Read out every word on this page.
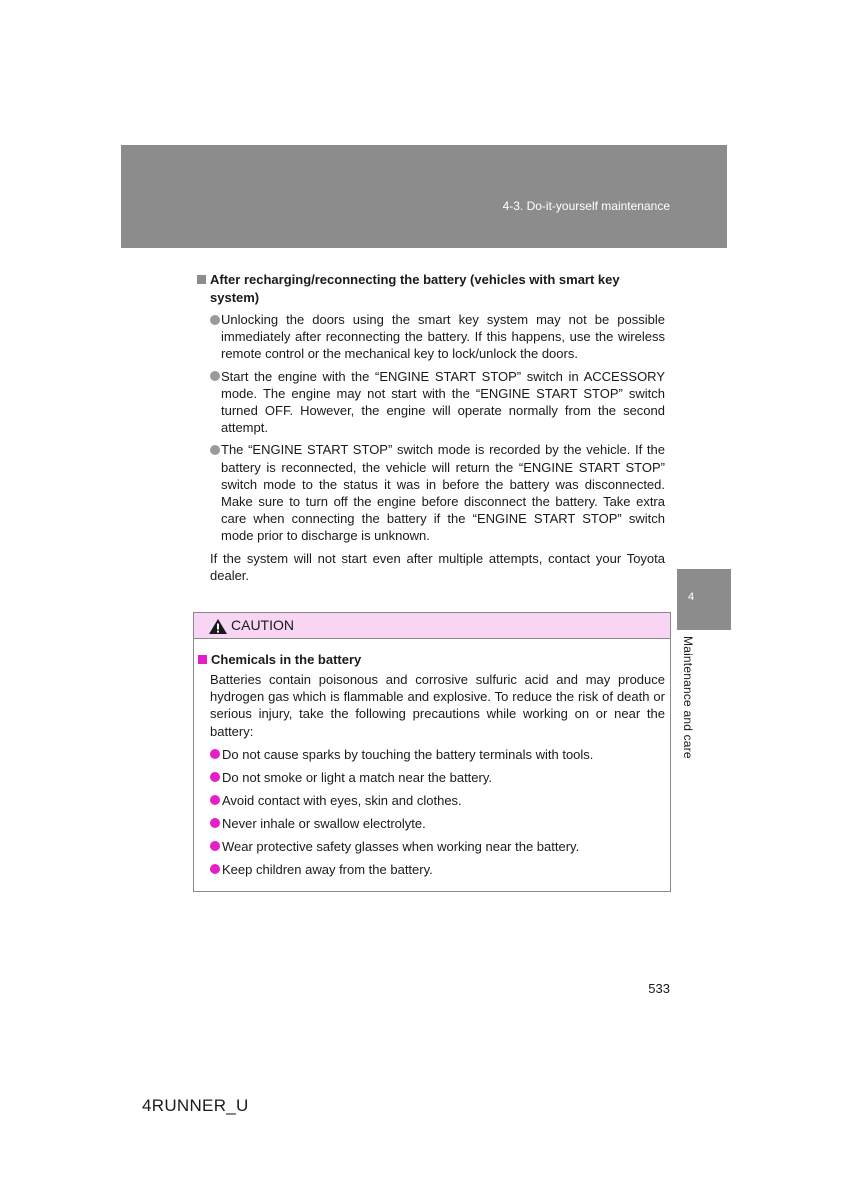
4-3. Do-it-yourself maintenance
4
Maintenance and care

After recharging/reconnecting the battery (vehicles with smart key system)

Unlocking the doors using the smart key system may not be possible immediately after reconnecting the battery. If this happens, use the wireless remote control or the mechanical key to lock/unlock the doors.
Start the engine with the “ENGINE START STOP” switch in ACCESSORY mode. The engine may not start with the “ENGINE START STOP” switch turned OFF. However, the engine will operate normally from the second attempt.
The “ENGINE START STOP” switch mode is recorded by the vehicle. If the battery is reconnected, the vehicle will return the “ENGINE START STOP” switch mode to the status it was in before the battery was disconnected. Make sure to turn off the engine before disconnect the battery. Take extra care when connecting the battery if the “ENGINE START STOP” switch mode prior to discharge is unknown.

If the system will not start even after multiple attempts, contact your Toyota dealer.

CAUTION

Chemicals in the battery

Batteries contain poisonous and corrosive sulfuric acid and may produce hydrogen gas which is flammable and explosive. To reduce the risk of death or serious injury, take the following precautions while working on or near the battery:

Do not cause sparks by touching the battery terminals with tools.
Do not smoke or light a match near the battery.
Avoid contact with eyes, skin and clothes.
Never inhale or swallow electrolyte.
Wear protective safety glasses when working near the battery.
Keep children away from the battery.
533
4RUNNER_U
